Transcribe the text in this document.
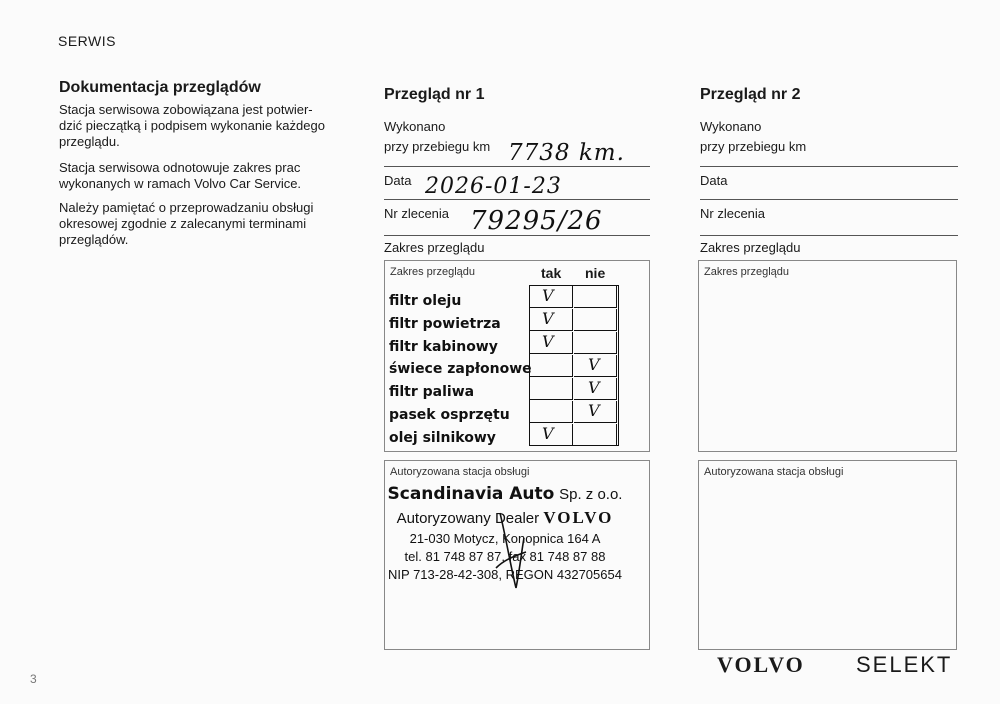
SERWIS
Dokumentacja przeglądów
Stacja serwisowa zobowiązana jest potwier-
dzić pieczątką i podpisem wykonanie każdego
przeglądu.
Stacja serwisowa odnotowuje zakres prac
wykonanych w ramach Volvo Car Service.
Należy pamiętać o przeprowadzaniu obsługi
okresowej zgodnie z zalecanymi terminami
przeglądów.
Przegląd nr 1
Wykonano
przy przebiegu km 7738 km.
Data 2026-01-23
Nr zlecenia 79295/26
Zakres przeglądu
Zakres przeglądu	tak nie
filtr oleju
filtr powietrza
filtr kabinowy
świece zapłonowe
filtr paliwa
pasek osprzętu
olej silnikowy
V
V
V
V
V
V
V
Autoryzowana stacja obsługi
Scandinavia Auto Sp. z o.o.
Autoryzowany Dealer VOLVO
21-030 Motycz, Konopnica 164 A
tel. 81 748 87 87, fax 81 748 87 88
NIP 713-28-42-308, REGON 432705654
Przegląd nr 2
Wykonano
przy przebiegu km
Data
Nr zlecenia
Zakres przeglądu
Zakres przeglądu
Autoryzowana stacja obsługi
VOLVO SELEKT
3
